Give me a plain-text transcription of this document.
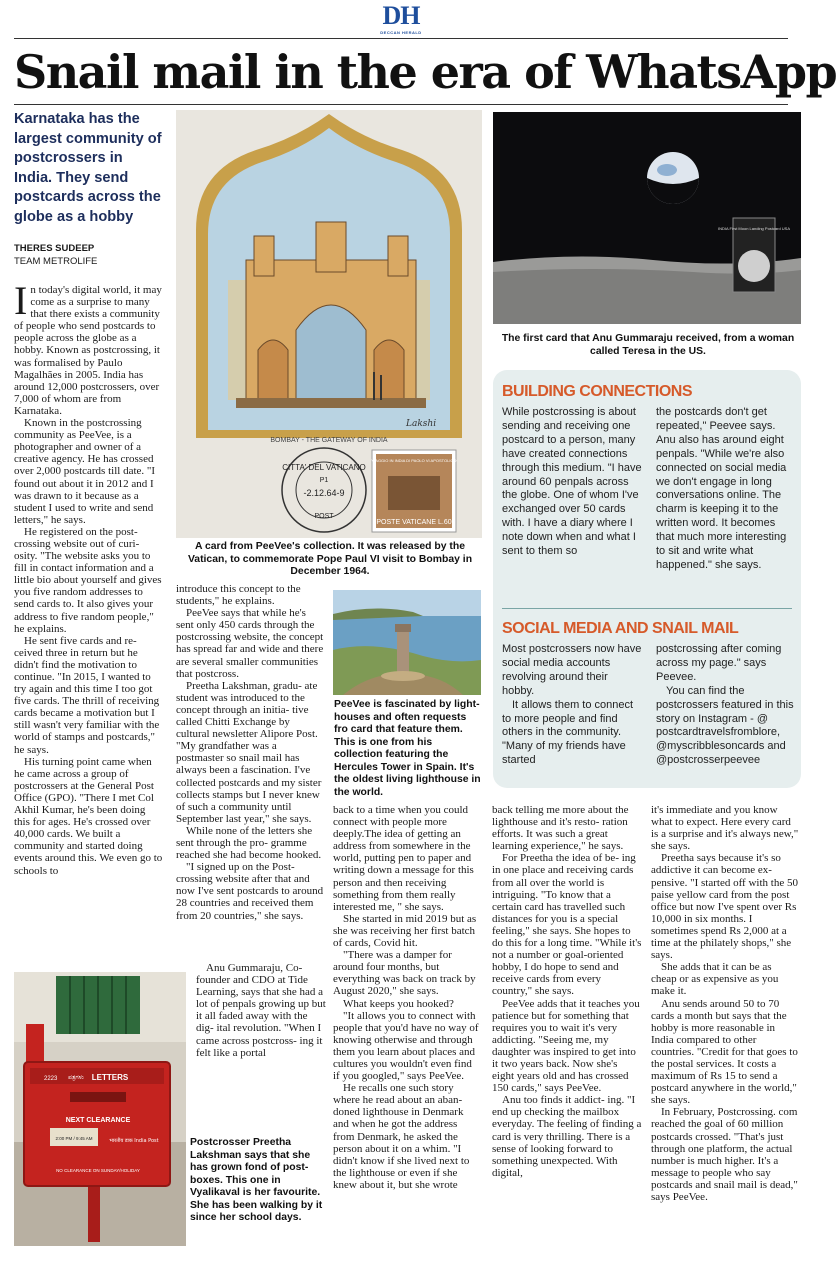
DH
DECCAN HERALD
Snail mail in the era of WhatsApp
Karnataka has the largest community of postcrossers in India. They send postcards across the globe as a hobby
THERES SUDEEP
TEAM METROLIFE

In today's digital world, it may come as a surprise to many that there exists a community of people who send postcards to people across the globe as a hobby. Known as postcrossing, it was formalised by Paulo Magalhães in 2005. India has around 12,000 postcrossers, over 7,000 of whom are from Karnataka.

Known in the postcrossing community as PeeVee, is a photographer and owner of a creative agency. He has crossed over 2,000 postcards till date. "I found out about it in 2012 and I was drawn to it because as a student I used to write and send letters," he says.

He registered on the post- crossing website out of curi- osity. "The website asks you to fill in contact information and a little bio about yourself and gives you five random addresses to send cards to. It also gives your address to five random people," he explains.

He sent five cards and re- ceived three in return but he didn't find the motivation to continue. "In 2015, I wanted to try again and this time I too got five cards. The thrill of receiving cards became a motivation but I still wasn't very familiar with the world of stamps and postcards," he says.

His turning point came when he came across a group of postcrossers at the General Post Office (GPO). "There I met Col Akhil Kumar, he's been doing this for ages. He's crossed over 40,000 cards. We built a community and started doing events around this. We even go to schools to

Lakshi
BOMBAY - THE GATEWAY OF INDIA
CITTA' DEL VATICANO
P1
-2.12.64-9
POST
VIAGGIO IN INDIA DI PAOLO VI APOSTOLICO
POSTE VATICANE L.60
A card from PeeVee's collection. It was released by the Vatican, to commemorate Pope Paul VI visit to Bombay in December 1964.
INDIA First Moon Landing Postcard USA
The first card that Anu Gummaraju received, from a woman called Teresa in the US.
BUILDING CONNECTIONS

While postcrossing is about sending and receiving one postcard to a person, many have created connections through this medium. "I have around 60 penpals across the globe. One of whom I've exchanged over 50 cards with. I have a diary where I note down when and what I sent to them so

the postcards don't get repeated," Peevee says. Anu also has around eight penpals. "While we're also connected on social media we don't engage in long conversations online. The charm is keeping it to the written word. It becomes that much more interesting to sit and write what happened." she says.

SOCIAL MEDIA AND SNAIL MAIL

Most postcrossers now have social media accounts revolving around their hobby.

It allows them to connect to more people and find others in the community. "Many of my friends have started

postcrossing after coming across my page." says Peevee.

You can find the postcrossers featured in this story on Instagram - @ postcardtravelsfromblore, @myscribblesoncards and @postcrosserpeevee

introduce this concept to the students," he explains.

PeeVee says that while he's sent only 450 cards through the postcrossing website, the concept has spread far and wide and there are several smaller communities that postcross.

Preetha Lakshman, gradu- ate student was introduced to the concept through an initia- tive called Chitti Exchange by cultural newsletter Alipore Post. "My grandfather was a postmaster so snail mail has always been a fascination. I've collected postcards and my sister collects stamps but I never knew of such a community until September last year," she says.

While none of the letters she sent through the pro- gramme reached she had become hooked.

"I signed up on the Post- crossing website after that and now I've sent postcards to around 28 countries and received them from 20 countries," she says.

Anu Gummaraju, Co-founder and CDO at Tide Learning, says that she had a lot of penpals growing up but it all faded away with the dig- ital revolution. "When I came across postcross- ing it felt like a portal

PeeVee is fascinated by light- houses and often requests fro card that feature them. This is one from his collection featuring the Hercules Tower in Spain. It's the oldest living lighthouse in the world.
2223	LETTERS
ಪತ್ರಗಳು
NEXT CLEARANCE
2:00 PM / 9:45 AM	भारतीय डाक India Post
NO CLEARANCE ON SUNDAY/HOLIDAY
Postcrosser Preetha Lakshman says that she has grown fond of post- boxes. This one in Vyalikaval is her favourite. She has been walking by it since her school days.

back to a time when you could connect with people more deeply.The idea of getting an address from somewhere in the world, putting pen to paper and writing down a message for this person and then receiving something from them really interested me, " she says.

She started in mid 2019 but as she was receiving her first batch of cards, Covid hit.

"There was a damper for around four months, but everything was back on track by August 2020," she says.

What keeps you hooked?

"It allows you to connect with people that you'd have no way of knowing otherwise and through them you learn about places and cultures you wouldn't even find if you googled," says PeeVee.

He recalls one such story where he read about an aban- doned lighthouse in Denmark and when he got the address from Denmark, he asked the person about it on a whim. "I didn't know if she lived next to the lighthouse or even if she knew about it, but she wrote

back telling me more about the lighthouse and it's resto- ration efforts. It was such a great learning experience," he says.

For Preetha the idea of be- ing in one place and receiving cards from all over the world is intriguing. "To know that a certain card has travelled such distances for you is a special feeling," she says. She hopes to do this for a long time. "While it's not a number or goal-oriented hobby, I do hope to send and receive cards from every country," she says.

PeeVee adds that it teaches you patience but for something that requires you to wait it's very addicting. "Seeing me, my daughter was inspired to get into it two years back. Now she's eight years old and has crossed 150 cards," says PeeVee.

Anu too finds it addict- ing. "I end up checking the mailbox everyday. The feeling of finding a card is very thrilling. There is a sense of looking forward to something unexpected. With digital,

it's immediate and you know what to expect. Here every card is a surprise and it's always new," she says.

Preetha says because it's so addictive it can become ex- pensive. "I started off with the 50 paise yellow card from the post office but now I've spent over Rs 10,000 in six months. I sometimes spend Rs 2,000 at a time at the philately shops," she says.

She adds that it can be as cheap or as expensive as you make it.

Anu sends around 50 to 70 cards a month but says that the hobby is more reasonable in India compared to other countries. "Credit for that goes to the postal services. It costs a maximum of Rs 15 to send a postcard anywhere in the world," she says.

In February, Postcrossing. com reached the goal of 60 million postcards crossed. "That's just through one platform, the actual number is much higher. It's a message to people who say postcards and snail mail is dead," says PeeVee.
